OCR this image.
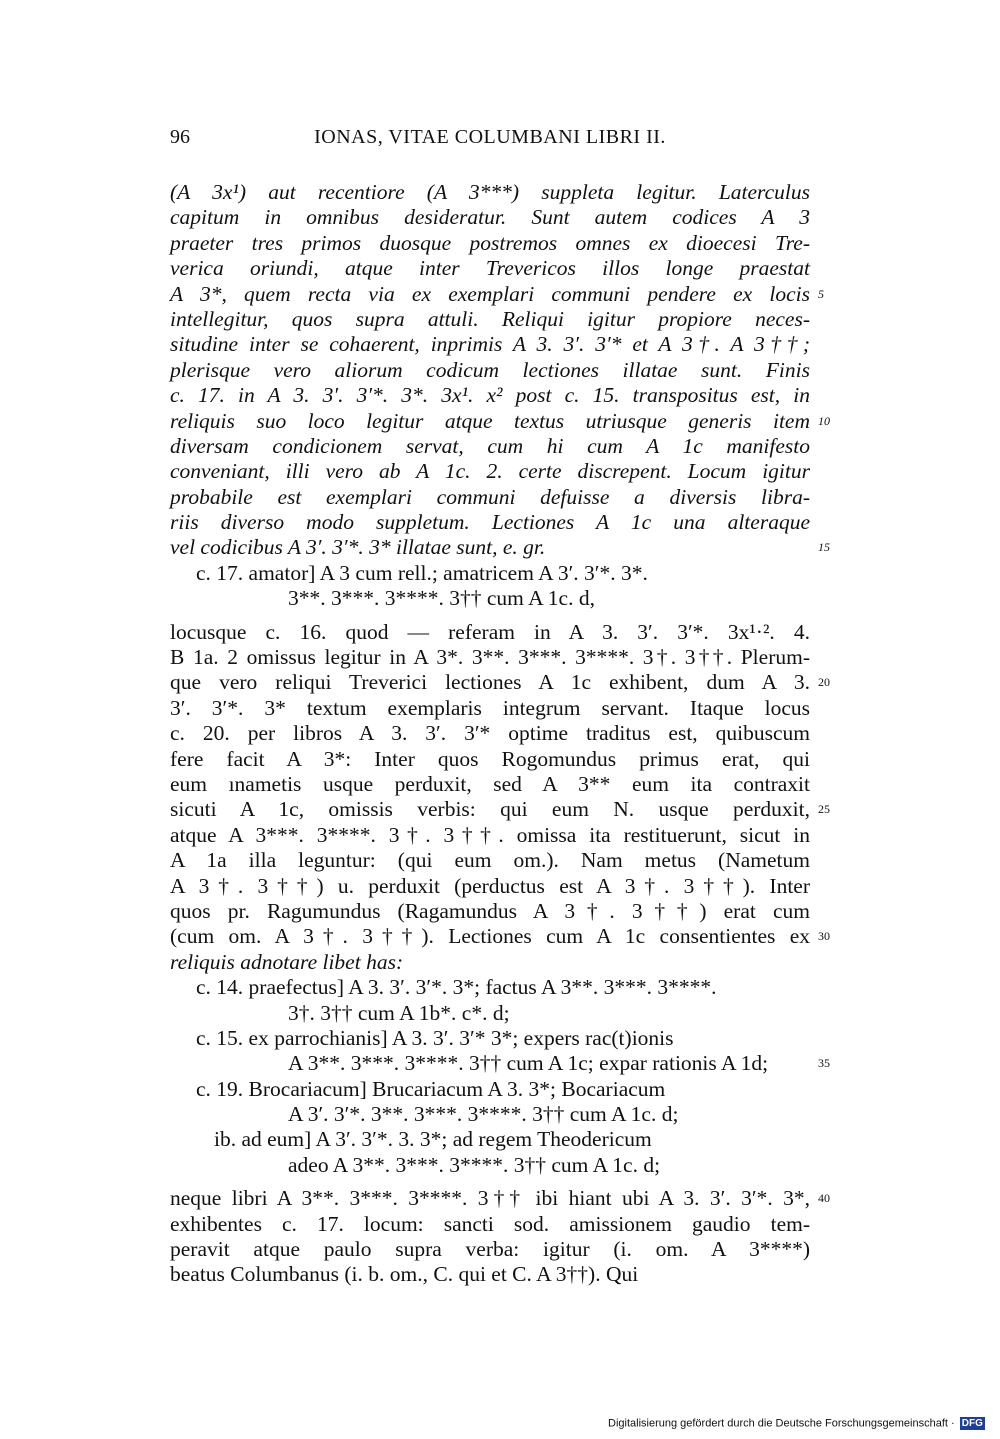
96	IONAS, VITAE COLUMBANI LIBRI II.
(A 3x¹) aut recentiore (A 3***) suppleta legitur. Laterculus
capitum in omnibus desideratur. Sunt autem codices A 3
praeter tres primos duosque postremos omnes ex dioecesi Tre-
verica oriundi, atque inter Trevericos illos longe praestat
A 3*, quem recta via ex exemplari communi pendere ex locis 5
intellegitur, quos supra attuli. Reliqui igitur propiore neces-
situdine inter se cohaerent, inprimis A 3. 3′. 3′* et A 3†. A 3††;
plerisque vero aliorum codicum lectiones illatae sunt. Finis
c. 17. in A 3. 3′. 3′*. 3*. 3x¹. x² post c. 15. transpositus est, in
reliquis suo loco legitur atque textus utriusque generis item 10
diversam condicionem servat, cum hi cum A 1c manifesto
conveniant, illi vero ab A 1c. 2. certe discrepent. Locum igitur
probabile est exemplari communi defuisse a diversis libra-
riis diverso modo suppletum. Lectiones A 1c una alteraque
vel codicibus A 3′. 3′*. 3* illatae sunt, e. gr.	15
c. 17. amator] A 3 cum rell.; amatricem A 3′. 3′*. 3*.
3**. 3***. 3****. 3†† cum A 1c. d,
locusque c. 16. quod — referam in A 3. 3′. 3′*. 3x¹·². 4.
B 1a. 2 omissus legitur in A 3*. 3**. 3***. 3****. 3†. 3††. Plerum-
que vero reliqui Treverici lectiones A 1c exhibent, dum A 3. 20
3′. 3′*. 3* textum exemplaris integrum servant. Itaque locus
c. 20. per libros A 3. 3′. 3′* optime traditus est, quibuscum
fere facit A 3*: Inter quos Rogomundus primus erat, qui
eum ınametis usque perduxit, sed A 3** eum ita contraxit
sicuti A 1c, omissis verbis: qui eum N. usque perduxit, 25
atque A 3***. 3****. 3†. 3††. omissa ita restituerunt, sicut in
A 1a illa leguntur: (qui eum om.). Nam metus (Nametum
A 3†. 3††) u. perduxit (perductus est A 3†. 3††). Inter
quos pr. Ragumundus (Ragamundus A 3†. 3††) erat cum
(cum om. A 3†. 3††). Lectiones cum A 1c consentientes ex 30
reliquis adnotare libet has:
c. 14. praefectus] A 3. 3′. 3′*. 3*; factus A 3**. 3***. 3****.
3†. 3†† cum A 1b*. c*. d;
c. 15. ex parrochianis] A 3. 3′. 3′* 3*; expers rac(t)ionis
A 3**. 3***. 3****. 3†† cum A 1c; expar rationis A 1d;	35
c. 19. Brocariacum] Brucariacum A 3. 3*; Bocariacum
A 3′. 3′*. 3**. 3***. 3****. 3†† cum A 1c. d;
ib. ad eum] A 3′. 3′*. 3. 3*; ad regem Theodericum
adeo A 3**. 3***. 3****. 3†† cum A 1c. d;
neque libri A 3**. 3***. 3****. 3†† ibi hiant ubi A 3. 3′. 3′*. 3*, 40
exhibentes c. 17. locum: sancti sod. amissionem gaudio tem-
peravit atque paulo supra verba: igitur (i. om. A 3****)
beatus Columbanus (i. b. om., C. qui et C. A 3††). Qui
Digitalisierung gefördert durch die Deutsche Forschungsgemeinschaft · DFG
